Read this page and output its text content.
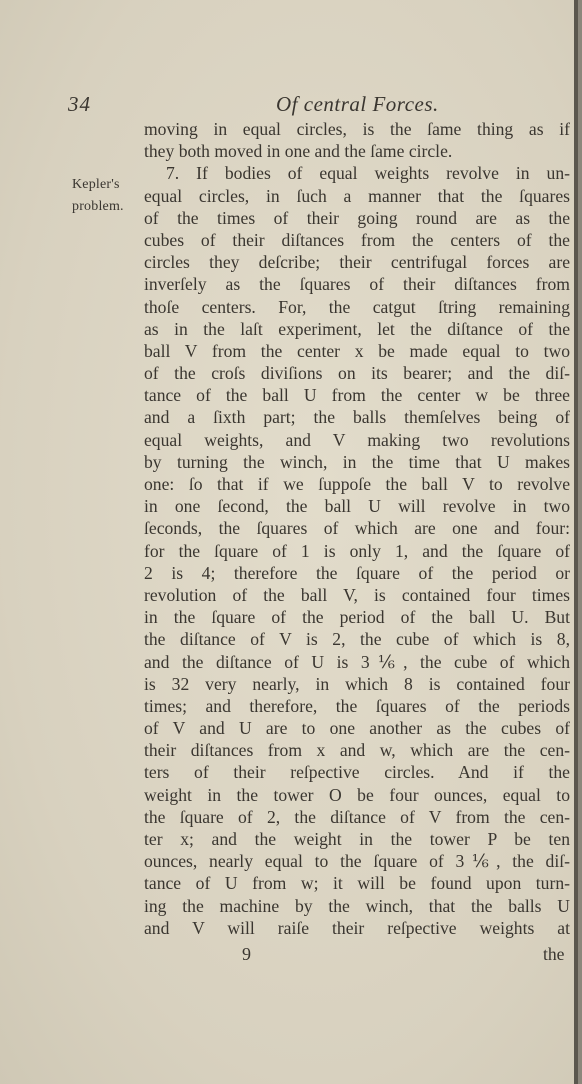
34	Of central Forces.
Kepler's
problem.
moving in equal circles, is the ſame thing as if
they both moved in one and the ſame circle.
7. If bodies of equal weights revolve in un-
equal circles, in ſuch a manner that the ſquares
of the times of their going round are as the
cubes of their diſtances from the centers of the
circles they deſcribe; their centrifugal forces are
inverſely as the ſquares of their diſtances from
thoſe centers. For, the catgut ſtring remaining
as in the laſt experiment, let the diſtance of the
ball V from the center x be made equal to two
of the croſs diviſions on its bearer; and the diſ-
tance of the ball U from the center w be three
and a ſixth part; the balls themſelves being of
equal weights, and V making two revolutions
by turning the winch, in the time that U makes
one: ſo that if we ſuppoſe the ball V to revolve
in one ſecond, the ball U will revolve in two
ſeconds, the ſquares of which are one and four:
for the ſquare of 1 is only 1, and the ſquare of
2 is 4; therefore the ſquare of the period or
revolution of the ball V, is contained four times
in the ſquare of the period of the ball U. But
the diſtance of V is 2, the cube of which is 8,
and the diſtance of U is 3⅙, the cube of which
is 32 very nearly, in which 8 is contained four
times; and therefore, the ſquares of the periods
of V and U are to one another as the cubes of
their diſtances from x and w, which are the cen-
ters of their reſpective circles. And if the
weight in the tower O be four ounces, equal to
the ſquare of 2, the diſtance of V from the cen-
ter x; and the weight in the tower P be ten
ounces, nearly equal to the ſquare of 3⅙, the diſ-
tance of U from w; it will be found upon turn-
ing the machine by the winch, that the balls U
and V will raiſe their reſpective weights at
9	the
